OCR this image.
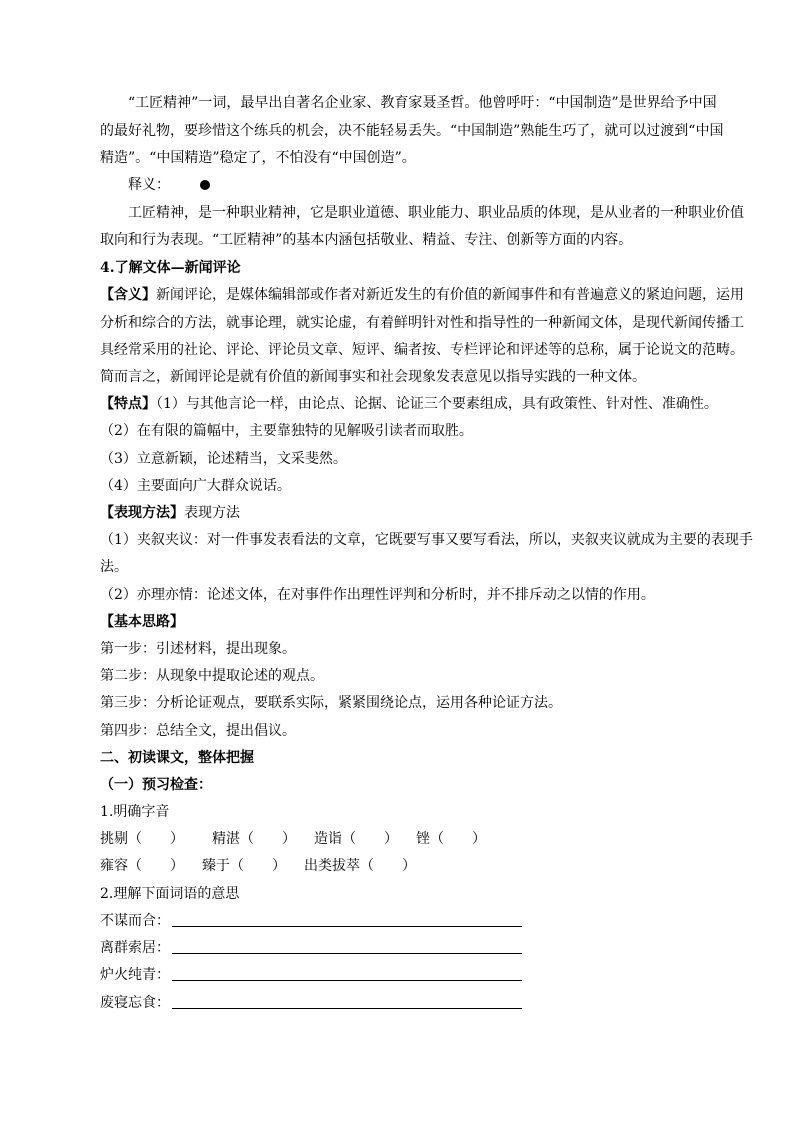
“工匠精神”一词，最早出自著名企业家、教育家聂圣哲。他曾呼吁：“中国制造”是世界给予中国
的最好礼物，要珍惜这个练兵的机会，决不能轻易丢失。“中国制造”熟能生巧了，就可以过渡到“中国
精造”。“中国精造”稳定了，不怕没有“中国创造”。
释义：
工匠精神，是一种职业精神，它是职业道德、职业能力、职业品质的体现，是从业者的一种职业价值
取向和行为表现。“工匠精神”的基本内涵包括敬业、精益、专注、创新等方面的内容。
4.了解文体—新闻评论
【含义】新闻评论，是媒体编辑部或作者对新近发生的有价值的新闻事件和有普遍意义的紧迫问题，运用
分析和综合的方法，就事论理，就实论虚，有着鲜明针对性和指导性的一种新闻文体，是现代新闻传播工
具经常采用的社论、评论、评论员文章、短评、编者按、专栏评论和评述等的总称，属于论说文的范畴。
简而言之，新闻评论是就有价值的新闻事实和社会现象发表意见以指导实践的一种文体。
【特点】（1）与其他言论一样，由论点、论据、论证三个要素组成，具有政策性、针对性、准确性。
（2）在有限的篇幅中，主要靠独特的见解吸引读者而取胜。
（3）立意新颖，论述精当，文采斐然。
（4）主要面向广大群众说话。
【表现方法】表现方法
（1）夹叙夹议：对一件事发表看法的文章，它既要写事又要写看法，所以，夹叙夹议就成为主要的表现手
法。
（2）亦理亦情：论述文体，在对事件作出理性评判和分析时，并不排斥动之以情的作用。
【基本思路】
第一步：引述材料，提出现象。
第二步：从现象中提取论述的观点。
第三步：分析论证观点，要联系实际，紧紧围绕论点，运用各种论证方法。
第四步：总结全文，提出倡议。
二、初读课文，整体把握
（一）预习检查：
1.明确字音
挑剔（　　） 精湛（　　） 造诣（　　） 锉（　　）
雍容（　　） 臻于（　　） 出类拔萃（　　）
2.理解下面词语的意思
不谋而合：
离群索居：
炉火纯青：
废寝忘食：
